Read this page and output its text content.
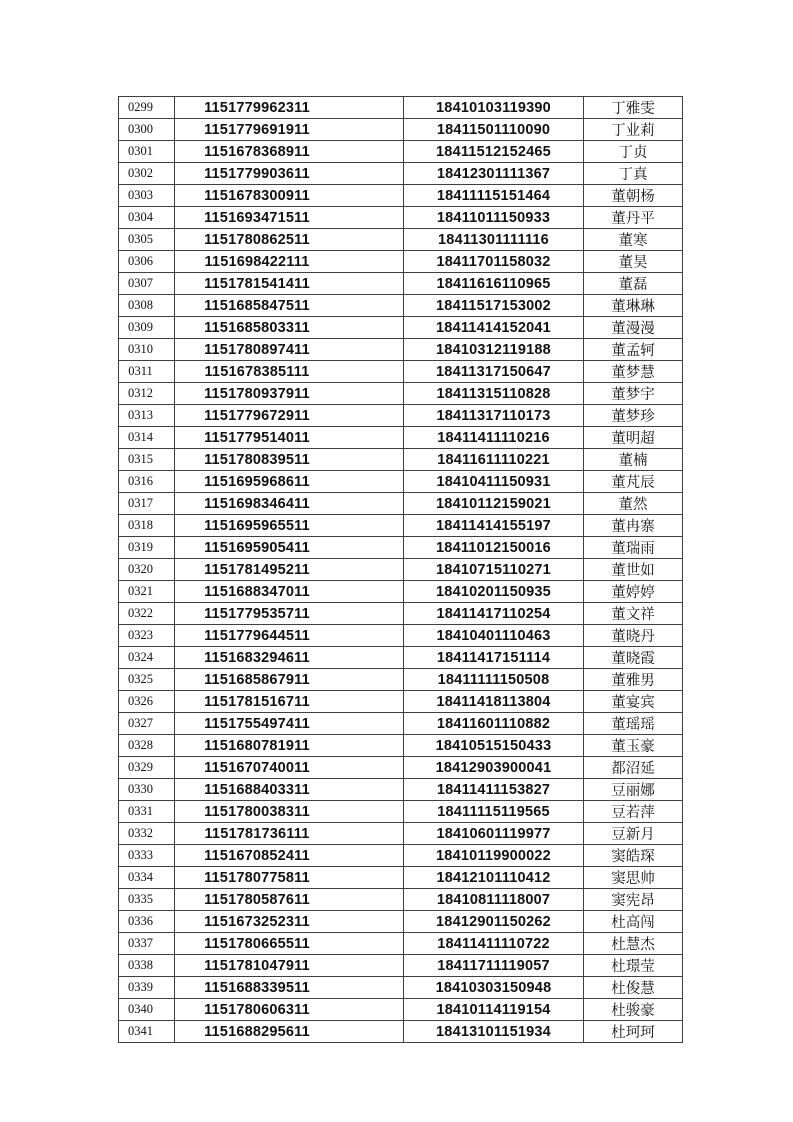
0299	1151779962311	18410103119390	丁雅雯
0300	1151779691911	18411501110090	丁业莉
0301	1151678368911	18411512152465	丁贞
0302	1151779903611	18412301111367	丁真
0303	1151678300911	18411115151464	董朝杨
0304	1151693471511	18411011150933	董丹平
0305	1151780862511	18411301111116	董寒
0306	1151698422111	18411701158032	董昊
0307	1151781541411	18411616110965	董磊
0308	1151685847511	18411517153002	董琳琳
0309	1151685803311	18411414152041	董漫漫
0310	1151780897411	18410312119188	董孟轲
0311	1151678385111	18411317150647	董梦慧
0312	1151780937911	18411315110828	董梦宇
0313	1151779672911	18411317110173	董梦珍
0314	1151779514011	18411411110216	董明超
0315	1151780839511	18411611110221	董楠
0316	1151695968611	18410411150931	董芃辰
0317	1151698346411	18410112159021	董然
0318	1151695965511	18411414155197	董冉寨
0319	1151695905411	18411012150016	董瑞雨
0320	1151781495211	18410715110271	董世如
0321	1151688347011	18410201150935	董婷婷
0322	1151779535711	18411417110254	董文祥
0323	1151779644511	18410401110463	董晓丹
0324	1151683294611	18411417151114	董晓霞
0325	1151685867911	18411111150508	董雅男
0326	1151781516711	18411418113804	董宴宾
0327	1151755497411	18411601110882	董瑶瑶
0328	1151680781911	18410515150433	董玉豪
0329	1151670740011	18412903900041	都沼延
0330	1151688403311	18411411153827	豆丽娜
0331	1151780038311	18411115119565	豆若萍
0332	1151781736111	18410601119977	豆新月
0333	1151670852411	18410119900022	窦皓琛
0334	1151780775811	18412101110412	窦思帅
0335	1151780587611	18410811118007	窦宪昂
0336	1151673252311	18412901150262	杜高闯
0337	1151780665511	18411411110722	杜慧杰
0338	1151781047911	18411711119057	杜璟莹
0339	1151688339511	18410303150948	杜俊慧
0340	1151780606311	18410114119154	杜骏豪
0341	1151688295611	18413101151934	杜珂珂
